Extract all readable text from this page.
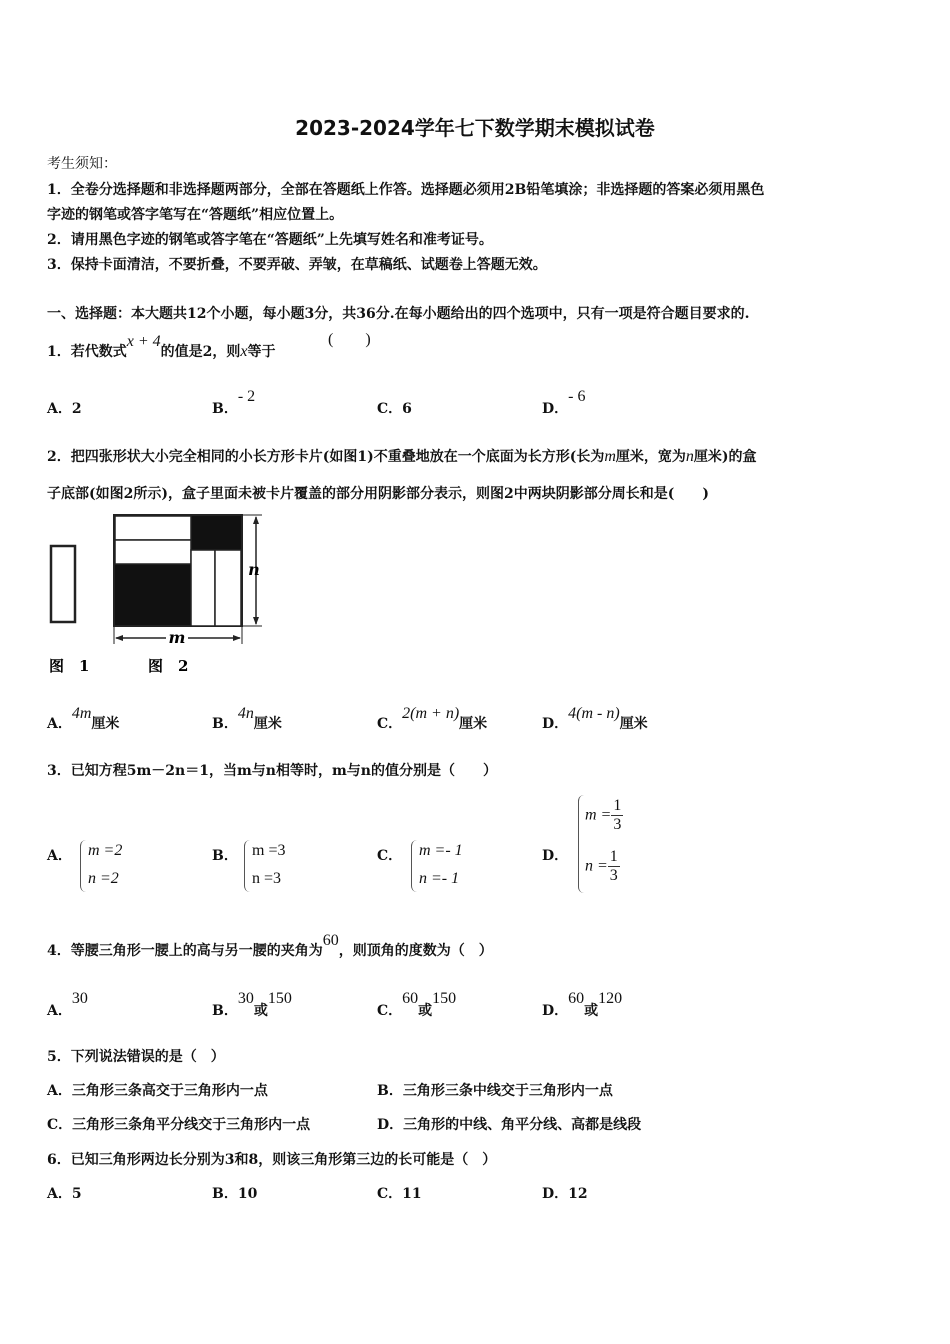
2023-2024学年七下数学期末模拟试卷
考生须知：
1．全卷分选择题和非选择题两部分，全部在答题纸上作答。选择题必须用2B铅笔填涂；非选择题的答案必须用黑色
字迹的钢笔或答字笔写在“答题纸”相应位置上。
2．请用黑色字迹的钢笔或答字笔在“答题纸”上先填写姓名和准考证号。
3．保持卡面清洁，不要折叠，不要弄破、弄皱，在草稿纸、试题卷上答题无效。
一、选择题：本大题共12个小题，每小题3分，共36分.在每小题给出的四个选项中，只有一项是符合题目要求的.
1．若代数式x + 4的值是2，则x等于
(　　)
A．2	B．- 2
C．6	D．- 6
2．把四张形状大小完全相同的小长方形卡片(如图1)不重叠地放在一个底面为长方形(长为m厘米，宽为n厘米)的盒
子底部(如图2所示)，盒子里面未被卡片覆盖的部分用阴影部分表示，则图2中两块阴影部分周长和是(　　)
m
n
图　1	图　2
A．4m厘米	B．4n厘米	C．2(m + n)厘米	D．4(m - n)厘米
3．已知方程5m－2n＝1，当m与n相等时，m与n的值分别是（　　）
A． m =2
n =2
B． m =3
n =3
C． m =- 1
n =- 1
D．
$m = \frac{1}{3}$
$n = \frac{1}{3}$
4．等腰三角形一腰上的高与另一腰的夹角为60，则顶角的度数为（　）
A．30
B．30或150
C．60或150
D．60或120
5．下列说法错误的是（　）
A．三角形三条高交于三角形内一点	B．三角形三条中线交于三角形内一点
C．三角形三条角平分线交于三角形内一点	D．三角形的中线、角平分线、高都是线段
6．已知三角形两边长分别为3和8，则该三角形第三边的长可能是（　）
A．5	B．10	C．11	D．12
